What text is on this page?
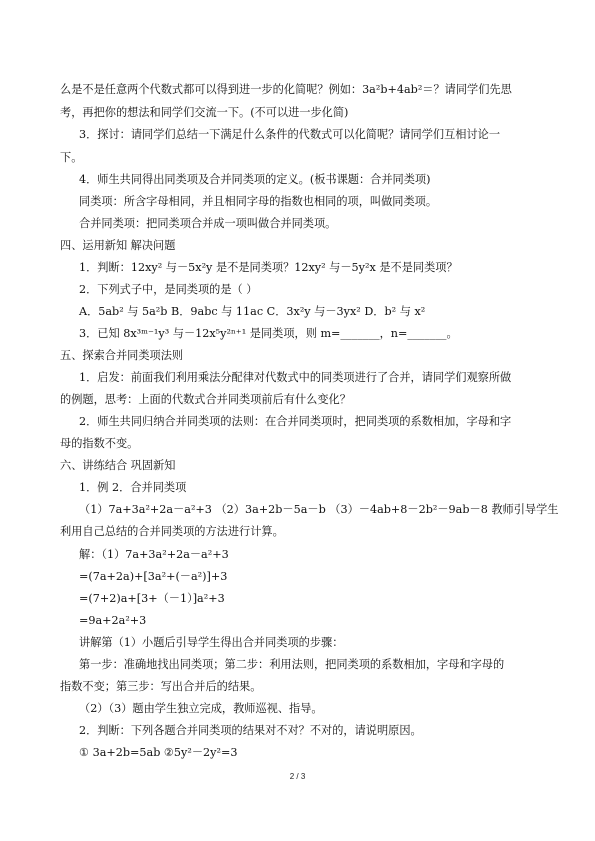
么是不是任意两个代数式都可以得到进一步的化简呢？例如：3a²b+4ab²＝？请同学们先思
考，再把你的想法和同学们交流一下。(不可以进一步化简)
3．探讨：请同学们总结一下满足什么条件的代数式可以化简呢？请同学们互相讨论一
下。
4．师生共同得出同类项及合并同类项的定义。(板书课题：合并同类项)
同类项：所含字母相同，并且相同字母的指数也相同的项，叫做同类项。
合并同类项：把同类项合并成一项叫做合并同类项。
四、运用新知 解决问题
1．判断：12xy² 与－5x²y 是不是同类项？12xy² 与－5y²x 是不是同类项？
2．下列式子中，是同类项的是（ ）
A．5ab² 与 5a²b B．9abc 与 11ac C．3x²y 与－3yx² D．b² 与 x²
3．已知 8x³ᵐ⁻¹y³ 与－12x⁵y²ⁿ⁺¹ 是同类项，则 m=_______，n=_______。
五、探索合并同类项法则
1．启发：前面我们利用乘法分配律对代数式中的同类项进行了合并，请同学们观察所做
的例题，思考：上面的代数式合并同类项前后有什么变化？
2．师生共同归纳合并同类项的法则：在合并同类项时，把同类项的系数相加，字母和字
母的指数不变。
六、讲练结合 巩固新知
1．例 2．合并同类项
（1）7a+3a²+2a－a²+3 （2）3a+2b－5a－b （3）－4ab+8－2b²－9ab－8 教师引导学生
利用自己总结的合并同类项的方法进行计算。
解：（1）7a+3a²+2a－a²+3
=(7a+2a)+[3a²+(－a²)]+3
=(7+2)a+[3+（－1）]a²+3
=9a+2a²+3
讲解第（1）小题后引导学生得出合并同类项的步骤：
第一步：准确地找出同类项；第二步：利用法则，把同类项的系数相加，字母和字母的
指数不变；第三步：写出合并后的结果。
（2）（3）题由学生独立完成，教师巡视、指导。
2．判断：下列各题合并同类项的结果对不对？不对的，请说明原因。
① 3a+2b=5ab ②5y²－2y²=3
2 / 3
